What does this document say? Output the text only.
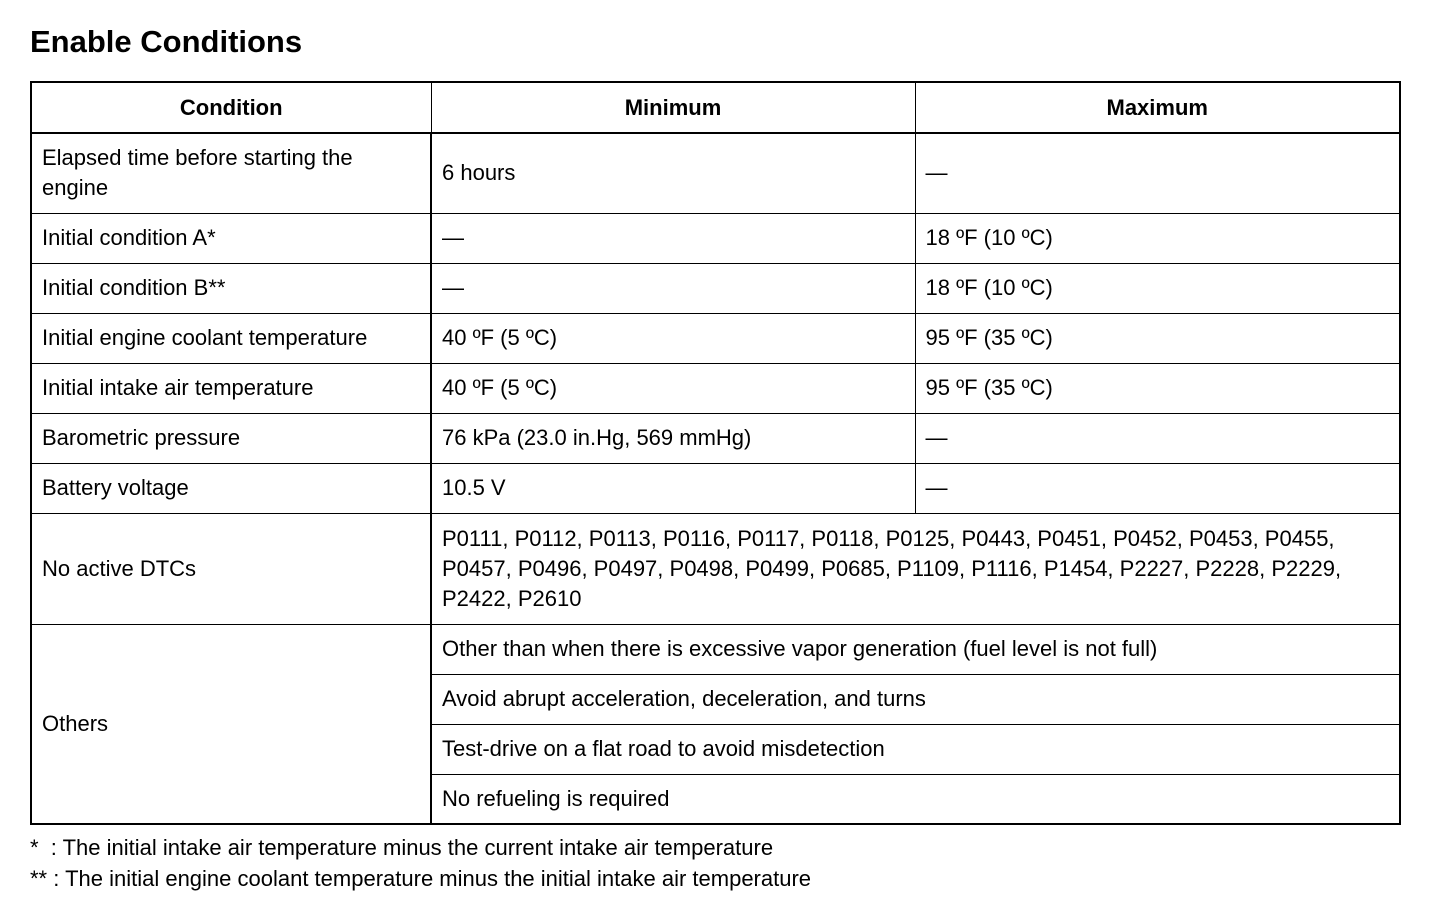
Enable Conditions
Condition	Minimum	Maximum
Elapsed time before starting the engine	6 hours	—
Initial condition A*	—	18 ºF (10 ºC)
Initial condition B**	—	18 ºF (10 ºC)
Initial engine coolant temperature	40 ºF (5 ºC)	95 ºF (35 ºC)
Initial intake air temperature	40 ºF (5 ºC)	95 ºF (35 ºC)
Barometric pressure	76 kPa (23.0 in.Hg, 569 mmHg)	—
Battery voltage	10.5 V	—
No active DTCs	P0111, P0112, P0113, P0116, P0117, P0118, P0125, P0443, P0451, P0452, P0453, P0455, P0457, P0496, P0497, P0498, P0499, P0685, P1109, P1116, P1454, P2227, P2228, P2229, P2422, P2610	
Others	Other than when there is excessive vapor generation (fuel level is not full)	
	Avoid abrupt acceleration, deceleration, and turns	
	Test-drive on a flat road to avoid misdetection	
	No refueling is required	
*  : The initial intake air temperature minus the current intake air temperature
** : The initial engine coolant temperature minus the initial intake air temperature
